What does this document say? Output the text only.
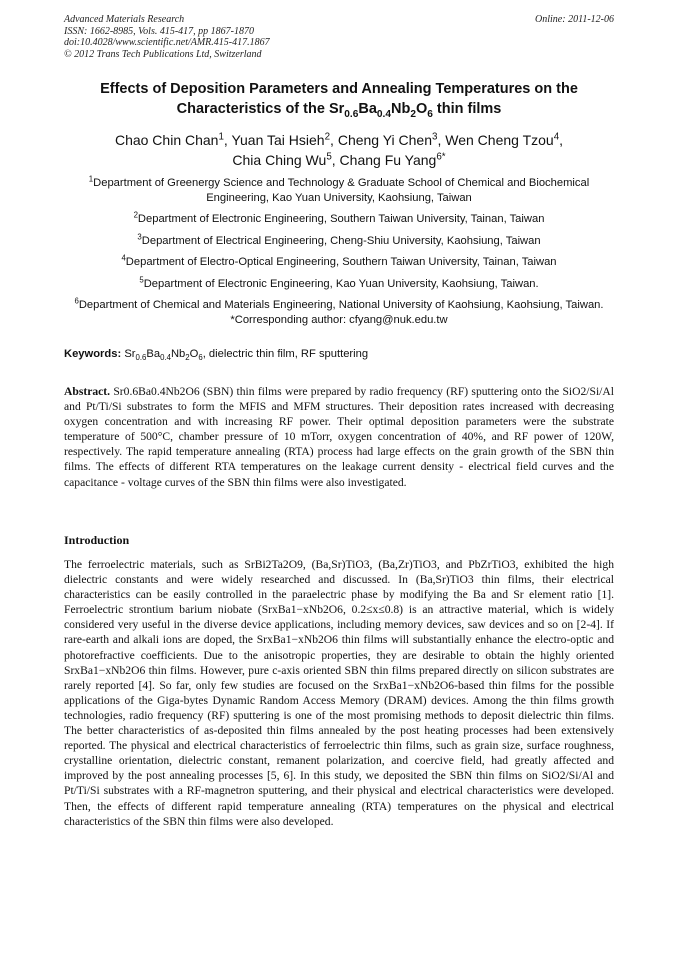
Advanced Materials Research
ISSN: 1662-8985, Vols. 415-417, pp 1867-1870
doi:10.4028/www.scientific.net/AMR.415-417.1867
© 2012 Trans Tech Publications Ltd, Switzerland
Online: 2011-12-06
Effects of Deposition Parameters and Annealing Temperatures on the
Characteristics of the $Sr_{0.6}Ba_{0.4}Nb_2O_6$ thin films
Chao Chin Chan$^1$, Yuan Tai Hsieh$^2$, Cheng Yi Chen$^3$, Wen Cheng Tzou$^4$,
Chia Ching Wu$^5$, Chang Fu Yang$^{6*}$
$^1$Department of Greenergy Science and Technology & Graduate School of Chemical and Biochemical Engineering, Kao Yuan University, Kaohsiung, Taiwan
$^2$Department of Electronic Engineering, Southern Taiwan University, Tainan, Taiwan
$^3$Department of Electrical Engineering, Cheng-Shiu University, Kaohsiung, Taiwan
$^4$Department of Electro-Optical Engineering, Southern Taiwan University, Tainan, Taiwan
$^5$Department of Electronic Engineering, Kao Yuan University, Kaohsiung, Taiwan.
$^6$Department of Chemical and Materials Engineering, National University of Kaohsiung, Kaohsiung, Taiwan. *Corresponding author: cfyang@nuk.edu.tw
Keywords: $Sr_{0.6}Ba_{0.4}Nb_2O_6$, dielectric thin film, RF sputtering
Abstract. Sr0.6Ba0.4Nb2O6 (SBN) thin films were prepared by radio frequency (RF) sputtering onto the SiO2/Si/Al and Pt/Ti/Si substrates to form the MFIS and MFM structures. Their deposition rates increased with decreasing oxygen concentration and with increasing RF power. Their optimal deposition parameters were the substrate temperature of 500°C, chamber pressure of 10 mTorr, oxygen concentration of 40%, and RF power of 120W, respectively. The rapid temperature annealing (RTA) process had large effects on the grain growth of the SBN thin films. The effects of different RTA temperatures on the leakage current density - electrical field curves and the capacitance - voltage curves of the SBN thin films were also investigated.
Introduction
The ferroelectric materials, such as SrBi2Ta2O9, (Ba,Sr)TiO3, (Ba,Zr)TiO3, and PbZrTiO3, exhibited the high dielectric constants and were widely researched and discussed. In (Ba,Sr)TiO3 thin films, their electrical characteristics can be easily controlled in the paraelectric phase by modifying the Ba and Sr element ratio [1]. Ferroelectric strontium barium niobate (SrxBa1−xNb2O6, 0.2≤x≤0.8) is an attractive material, which is widely considered very useful in the diverse device applications, including memory devices, saw devices and so on [2-4]. If rare-earth and alkali ions are doped, the SrxBa1−xNb2O6 thin films will substantially enhance the electro-optic and photorefractive coefficients. Due to the anisotropic properties, they are desirable to obtain the highly oriented SrxBa1−xNb2O6 thin films. However, pure c-axis oriented SBN thin films prepared directly on silicon substrates are rarely reported [4]. So far, only few studies are focused on the SrxBa1−xNb2O6-based thin films for the possible applications of the Giga-bytes Dynamic Random Access Memory (DRAM) devices. Among the thin films growth technologies, radio frequency (RF) sputtering is one of the most promising methods to deposit dielectric thin films. The better characteristics of as-deposited thin films annealed by the post heating processes had been extensively reported. The physical and electrical characteristics of ferroelectric thin films, such as grain size, surface roughness, crystalline orientation, dielectric constant, remanent polarization, and coercive field, had greatly affected and improved by the post annealing processes [5, 6]. In this study, we deposited the SBN thin films on SiO2/Si/Al and Pt/Ti/Si substrates with a RF-magnetron sputtering, and their physical and electrical characteristics were developed. Then, the effects of different rapid temperature annealing (RTA) temperatures on the physical and electrical characteristics of the SBN thin films were also developed.
